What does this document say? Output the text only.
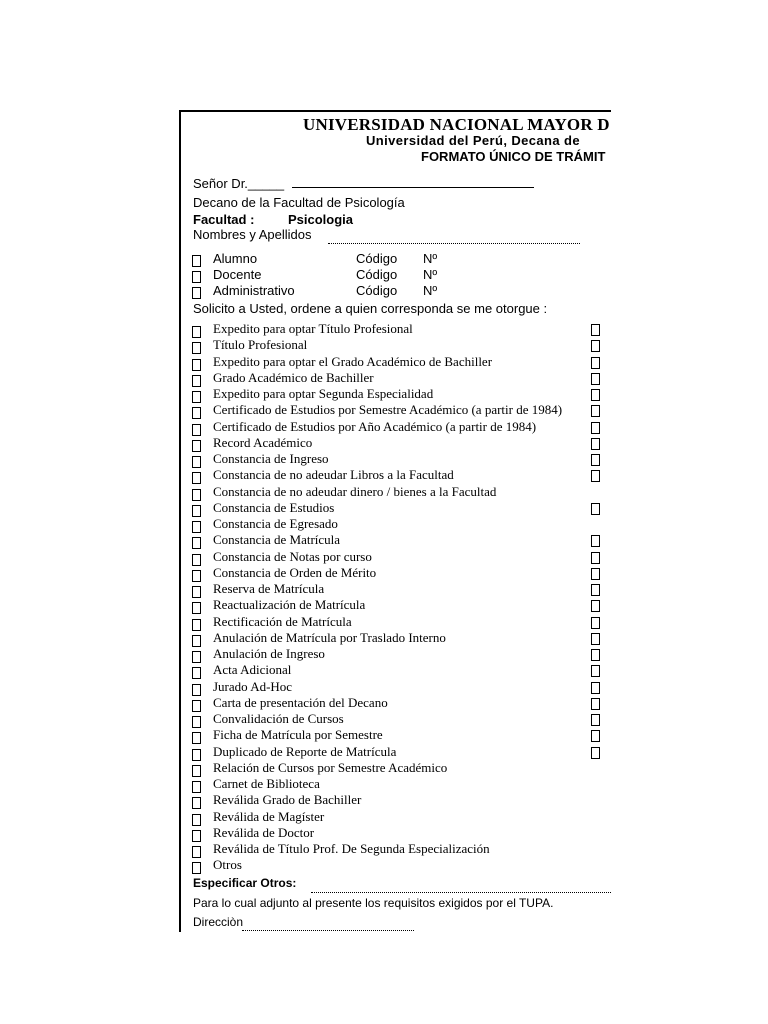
UNIVERSIDAD NACIONAL MAYOR D
Universidad del Perú, Decana de
FORMATO ÚNICO DE TRÁMIT
Señor Dr._____
Decano de la Facultad de Psicología
Facultad :	Psicologia
Nombres y Apellidos
Alumno	Código Nº
Docente	Código Nº
Administrativo	Código Nº
Solicito a Usted, ordene a quien corresponda se me otorgue :
Expedito para optar Título Profesional
Título Profesional
Expedito para optar el Grado Académico de Bachiller
Grado Académico de Bachiller
Expedito para optar Segunda Especialidad
Certificado de Estudios por Semestre Académico (a partir de 1984)
Certificado de Estudios por Año Académico (a partir de 1984)
Record Académico
Constancia de Ingreso
Constancia de no adeudar Libros a la Facultad
Constancia de no adeudar dinero / bienes a la Facultad
Constancia de Estudios
Constancia de Egresado
Constancia de Matrícula
Constancia de Notas por curso
Constancia de Orden de Mérito
Reserva de Matrícula
Reactualización de Matrícula
Rectificación de Matrícula
Anulación de Matrícula por Traslado Interno
Anulación de Ingreso
Acta Adicional
Jurado Ad-Hoc
Carta de presentación del Decano
Convalidación de Cursos
Ficha de Matrícula por Semestre
Duplicado de Reporte de Matrícula
Relación de Cursos por Semestre Académico
Carnet de Biblioteca
Reválida Grado de Bachiller
Reválida de Magíster
Reválida de Doctor
Reválida de Título Prof. De Segunda Especialización
Otros
Especificar Otros:
Para lo cual adjunto al presente los requisitos exigidos por el TUPA.
Direcciòn
